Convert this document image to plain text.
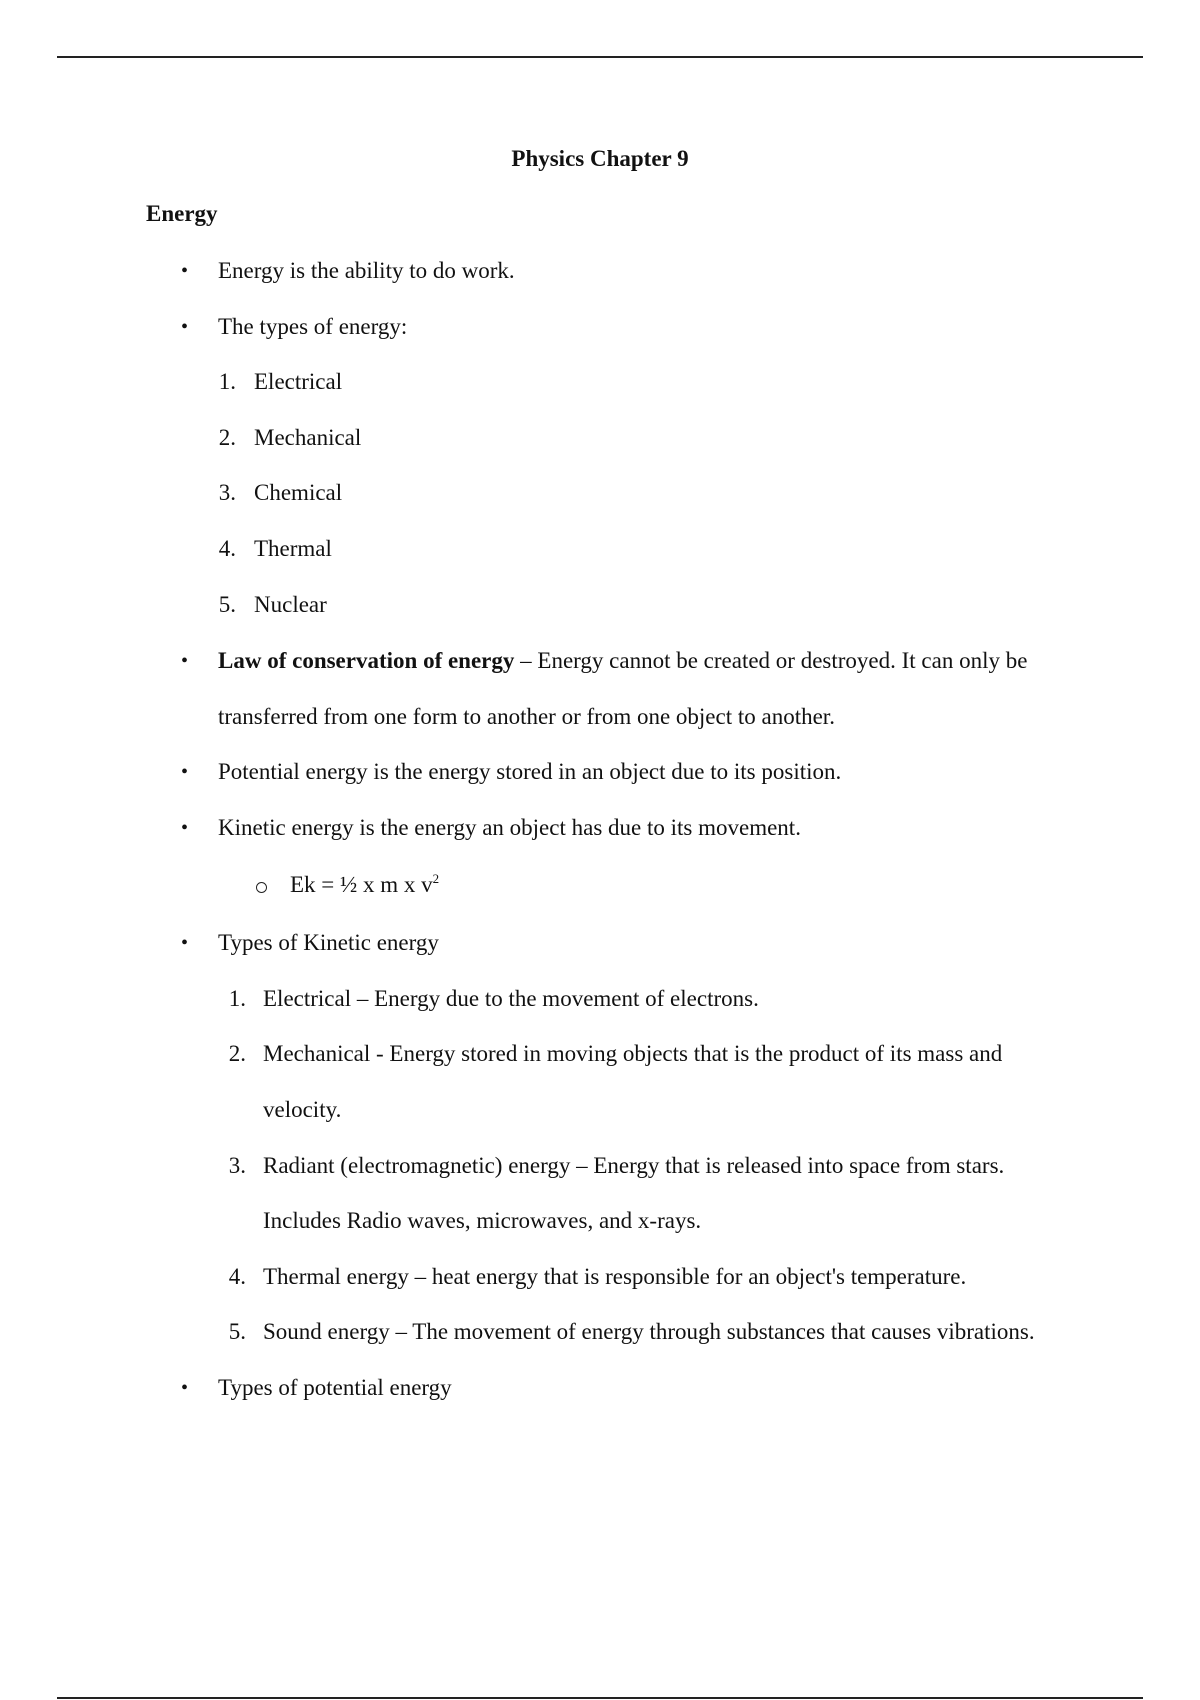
Physics Chapter 9
Energy
• Energy is the ability to do work.
• The types of energy:
1. Electrical
2. Mechanical
3. Chemical
4. Thermal
5. Nuclear
• Law of conservation of energy – Energy cannot be created or destroyed. It can only be
transferred from one form to another or from one object to another.
• Potential energy is the energy stored in an object due to its position.
• Kinetic energy is the energy an object has due to its movement.
Ek = ½ x m x $v^2$
• Types of Kinetic energy
1. Electrical – Energy due to the movement of electrons.
2. Mechanical - Energy stored in moving objects that is the product of its mass and
velocity.
3. Radiant (electromagnetic) energy – Energy that is released into space from stars.
Includes Radio waves, microwaves, and x-rays.
4. Thermal energy – heat energy that is responsible for an object's temperature.
5. Sound energy – The movement of energy through substances that causes vibrations.
• Types of potential energy
